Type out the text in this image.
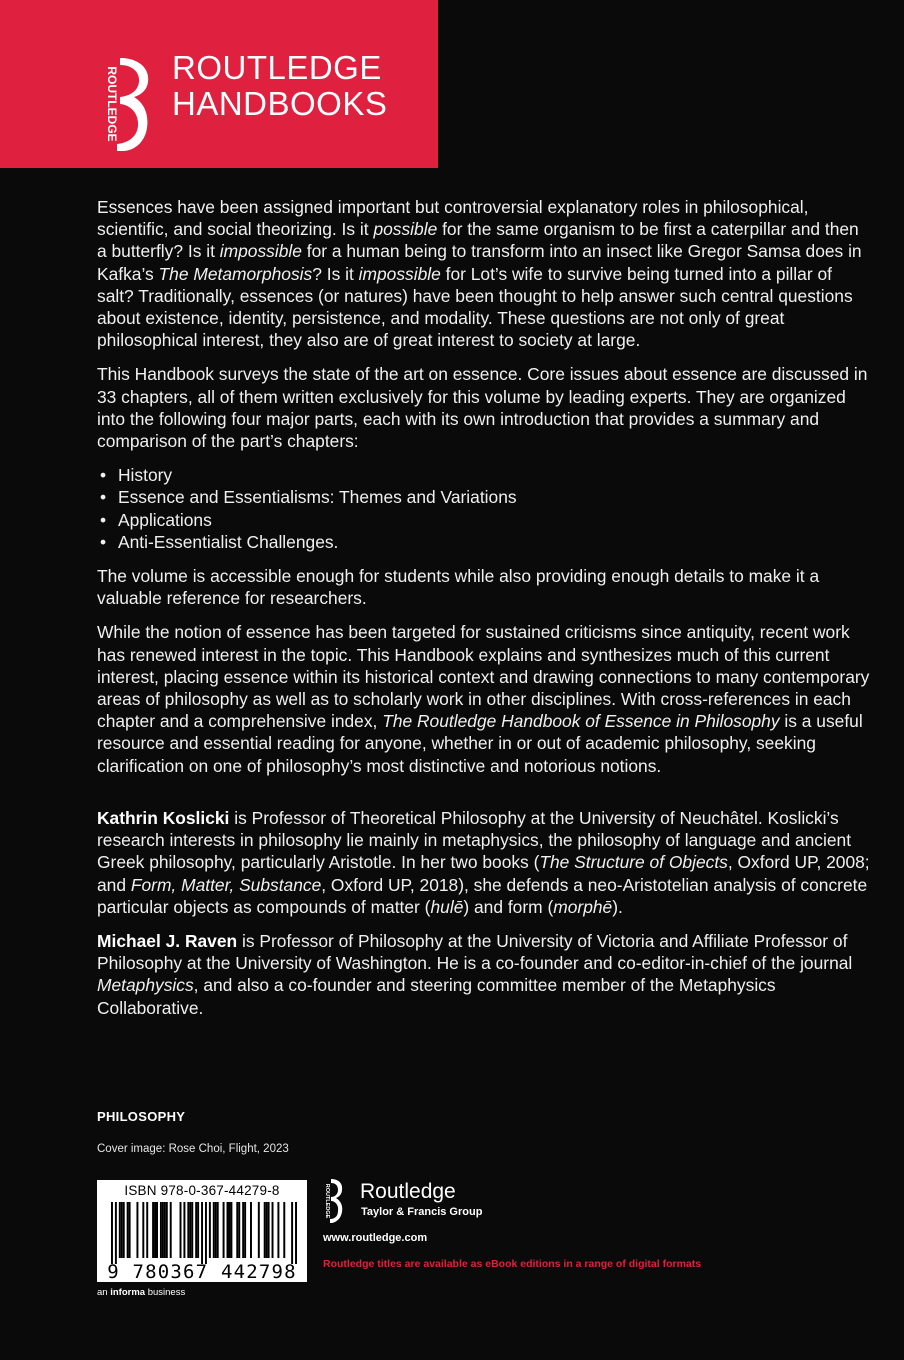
ROUTLEDGE ROUTLEDGE
HANDBOOKS

Essences have been assigned important but controversial explanatory roles in philosophical, scientific, and social theorizing. Is it possible for the same organism to be first a caterpillar and then a butterfly? Is it impossible for a human being to transform into an insect like Gregor Samsa does in Kafka’s The Metamorphosis? Is it impossible for Lot’s wife to survive being turned into a pillar of salt? Traditionally, essences (or natures) have been thought to help answer such central questions about existence, identity, persistence, and modality. These questions are not only of great philosophical interest, they also are of great interest to society at large.

This Handbook surveys the state of the art on essence. Core issues about essence are discussed in 33 chapters, all of them written exclusively for this volume by leading experts. They are organized into the following four major parts, each with its own introduction that provides a summary and comparison of the part’s chapters:

• History
• Essence and Essentialisms: Themes and Variations
• Applications
• Anti-Essentialist Challenges.

The volume is accessible enough for students while also providing enough details to make it a valuable reference for researchers.

While the notion of essence has been targeted for sustained criticisms since antiquity, recent work has renewed interest in the topic. This Handbook explains and synthesizes much of this current interest, placing essence within its historical context and drawing connections to many contemporary areas of philosophy as well as to scholarly work in other disciplines. With cross-references in each chapter and a comprehensive index, The Routledge Handbook of Essence in Philosophy is a useful resource and essential reading for anyone, whether in or out of academic philosophy, seeking clarification on one of philosophy’s most distinctive and notorious notions.

Kathrin Koslicki is Professor of Theoretical Philosophy at the University of Neuchâtel. Koslicki’s research interests in philosophy lie mainly in metaphysics, the philosophy of language and ancient Greek philosophy, particularly Aristotle. In her two books (The Structure of Objects, Oxford UP, 2008; and Form, Matter, Substance, Oxford UP, 2018), she defends a neo-Aristotelian analysis of concrete particular objects as compounds of matter (hulē) and form (morphē).

Michael J. Raven is Professor of Philosophy at the University of Victoria and Affiliate Professor of Philosophy at the University of Washington. He is a co-founder and co-editor-in-chief of the journal Metaphysics, and also a co-founder and steering committee member of the Metaphysics Collaborative.

PHILOSOPHY
Cover image: Rose Choi, Flight, 2023
ISBN 978-0-367-44279-8
9 780367 442798
an informa business
ROUTLEDGE Routledge
Taylor & Francis Group
www.routledge.com
Routledge titles are available as eBook editions in a range of digital formats
